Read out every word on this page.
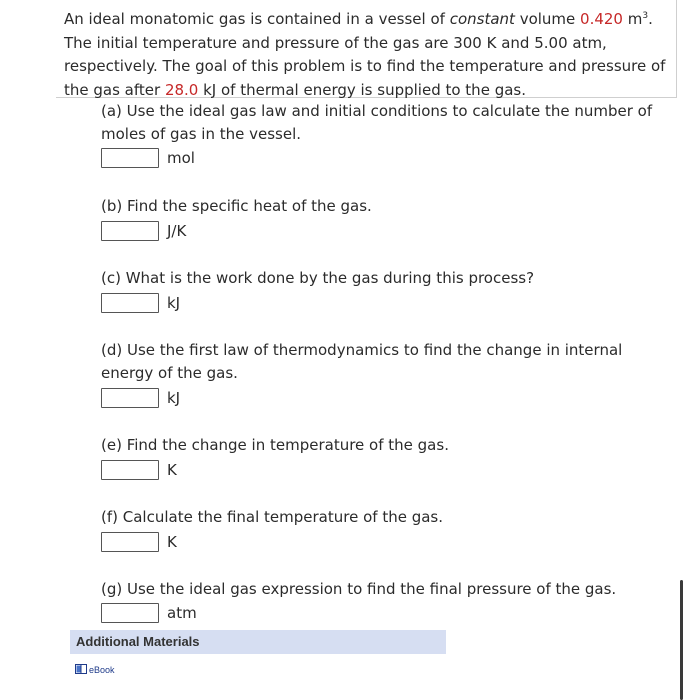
An ideal monatomic gas is contained in a vessel of constant volume 0.420 $m^3$. The initial temperature and pressure of the gas are 300 K and 5.00 atm, respectively. The goal of this problem is to find the temperature and pressure of the gas after 28.0 kJ of thermal energy is supplied to the gas.
(a) Use the ideal gas law and initial conditions to calculate the number of moles of gas in the vessel.
mol
(b) Find the specific heat of the gas.
J/K
(c) What is the work done by the gas during this process?
kJ
(d) Use the first law of thermodynamics to find the change in internal energy of the gas.
kJ
(e) Find the change in temperature of the gas.
K
(f) Calculate the final temperature of the gas.
K
(g) Use the ideal gas expression to find the final pressure of the gas.
atm
Additional Materials
eBook
